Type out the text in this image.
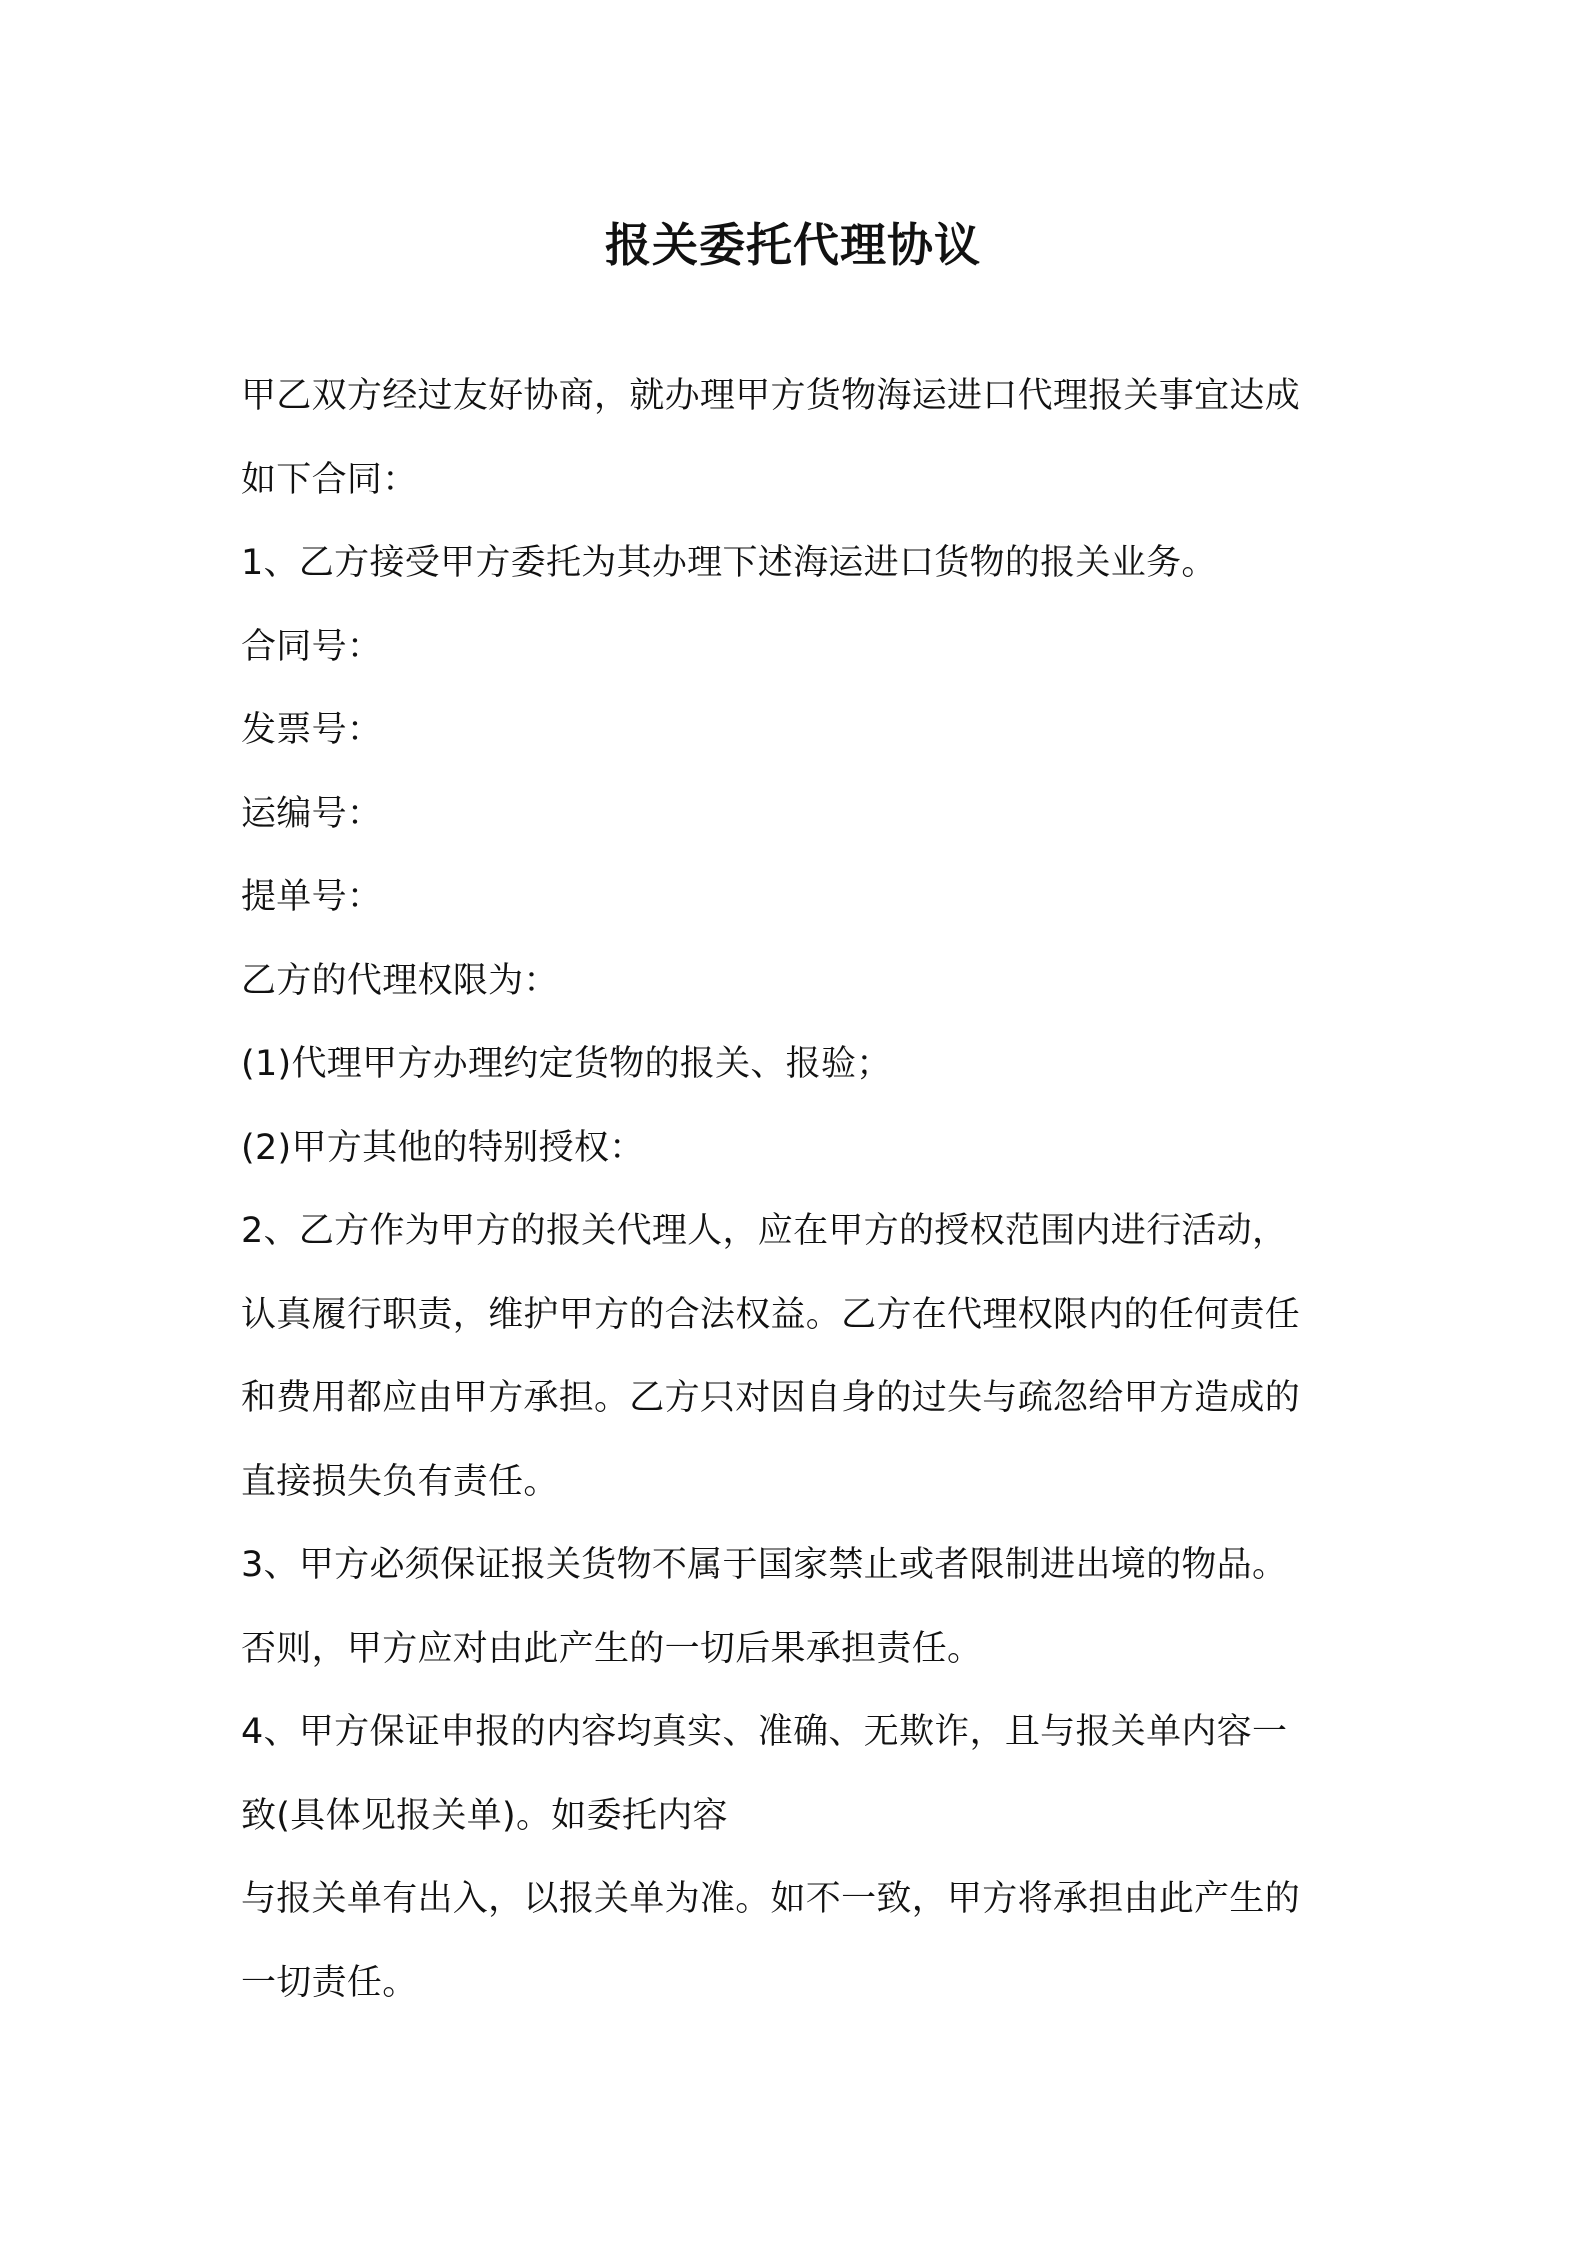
报关委托代理协议
甲乙双方经过友好协商，就办理甲方货物海运进口代理报关事宜达成
如下合同：
1、乙方接受甲方委托为其办理下述海运进口货物的报关业务。
合同号：
发票号：
运编号：
提单号：
乙方的代理权限为：
(1)代理甲方办理约定货物的报关、报验；
(2)甲方其他的特别授权：
2、乙方作为甲方的报关代理人，应在甲方的授权范围内进行活动，
认真履行职责，维护甲方的合法权益。乙方在代理权限内的任何责任
和费用都应由甲方承担。乙方只对因自身的过失与疏忽给甲方造成的
直接损失负有责任。
3、甲方必须保证报关货物不属于国家禁止或者限制进出境的物品。
否则，甲方应对由此产生的一切后果承担责任。
4、甲方保证申报的内容均真实、准确、无欺诈，且与报关单内容一
致(具体见报关单)。如委托内容
与报关单有出入，以报关单为准。如不一致，甲方将承担由此产生的
一切责任。
